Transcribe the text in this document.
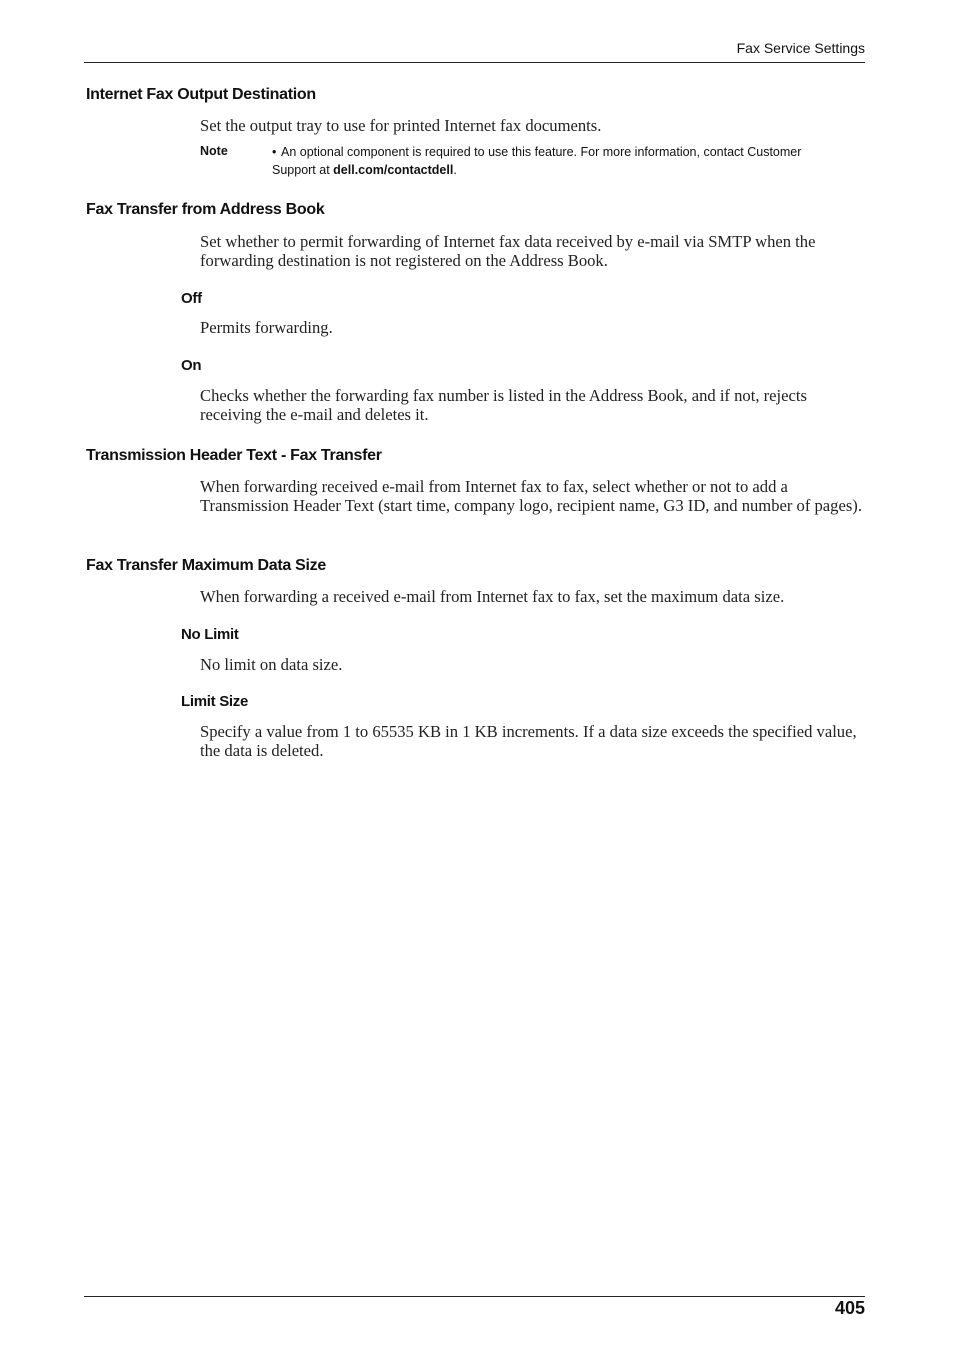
Fax Service Settings
Internet Fax Output Destination

Set the output tray to use for printed Internet fax documents.

Note	• An optional component is required to use this feature. For more information, contact Customer Support at dell.com/contactdell.
Fax Transfer from Address Book

Set whether to permit forwarding of Internet fax data received by e-mail via SMTP when the forwarding destination is not registered on the Address Book.

Off

Permits forwarding.

On

Checks whether the forwarding fax number is listed in the Address Book, and if not, rejects receiving the e-mail and deletes it.

Transmission Header Text - Fax Transfer

When forwarding received e-mail from Internet fax to fax, select whether or not to add a Transmission Header Text (start time, company logo, recipient name, G3 ID, and number of pages).

Fax Transfer Maximum Data Size

When forwarding a received e-mail from Internet fax to fax, set the maximum data size.

No Limit

No limit on data size.

Limit Size

Specify a value from 1 to 65535 KB in 1 KB increments. If a data size exceeds the specified value, the data is deleted.

405
